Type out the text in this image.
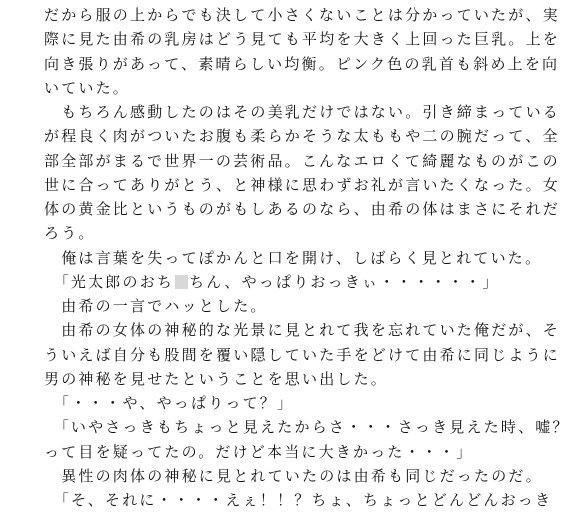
だから服の上からでも決して小さくないことは分かっていたが、実
際に見た由希の乳房はどう見ても平均を大きく上回った巨乳。上を
向き張りがあって、素晴らしい均衡。ピンク色の乳首も斜め上を向
いていた。
　もちろん感動したのはその美乳だけではない。引き締まっている
が程良く肉がついたお腹も柔らかそうな太ももや二の腕だって、全
部全部がまるで世界一の芸術品。こんなエロくて綺麗なものがこの
世に合ってありがとう、と神様に思わずお礼が言いたくなった。女
体の黄金比というものがもしあるのなら、由希の体はまさにそれだ
ろう。
　俺は言葉を失ってぽかんと口を開け、しばらく見とれていた。
　「光太郎のおち ちん、やっぱりおっきぃ・・・・・・」
　由希の一言でハッとした。
　由希の女体の神秘的な光景に見とれて我を忘れていた俺だが、そ
ういえば自分も股間を覆い隠していた手をどけて由希に同じように
男の神秘を見せたということを思い出した。
　「・・・や、やっぱりって？」
　「いやさっきもちょっと見えたからさ・・・さっき見えた時、嘘？
って目を疑ってたの。だけど本当に大きかった・・・」
　異性の肉体の神秘に見とれていたのは由希も同じだったのだ。
　「そ、それに・・・・えぇ！！？ちょ、ちょっとどんどんおっき
